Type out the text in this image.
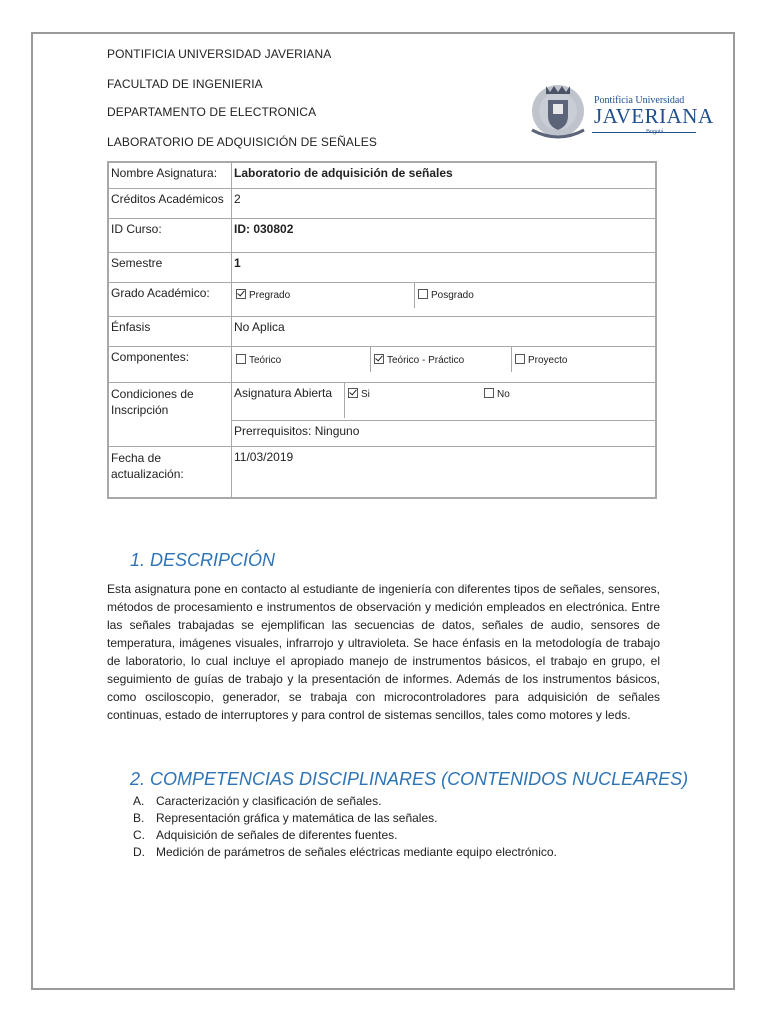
PONTIFICIA UNIVERSIDAD JAVERIANA
FACULTAD DE INGENIERIA
DEPARTAMENTO DE ELECTRONICA
LABORATORIO DE ADQUISICIÓN DE SEÑALES
Pontificia Universidad
JAVERIANA
Bogotá
Nombre Asignatura:	Laboratorio de adquisición de señales
Créditos Académicos	2
ID Curso:	ID: 030802
Semestre	1
Grado Académico:	Pregrado Posgrado

Énfasis	No Aplica
Componentes:	Teórico Teórico - Práctico Proyecto

Condiciones de Inscripción	Asignatura Abierta Si No

	Prerrequisitos: Ninguno
Fecha de actualización:	11/03/2019
1. DESCRIPCIÓN
Esta asignatura pone en contacto al estudiante de ingeniería con diferentes tipos de señales, sensores, métodos de procesamiento e instrumentos de observación y medición empleados en electrónica. Entre las señales trabajadas se ejemplifican las secuencias de datos, señales de audio, sensores de temperatura, imágenes visuales, infrarrojo y ultravioleta. Se hace énfasis en la metodología de trabajo de laboratorio, lo cual incluye el apropiado manejo de instrumentos básicos, el trabajo en grupo, el seguimiento de guías de trabajo y la presentación de informes. Además de los instrumentos básicos, como osciloscopio, generador, se trabaja con microcontroladores para adquisición de señales continuas, estado de interruptores y para control de sistemas sencillos, tales como motores y leds.
2. COMPETENCIAS DISCIPLINARES (CONTENIDOS NUCLEARES)
A. Caracterización y clasificación de señales.
B. Representación gráfica y matemática de las señales.
C. Adquisición de señales de diferentes fuentes.
D. Medición de parámetros de señales eléctricas mediante equipo electrónico.
